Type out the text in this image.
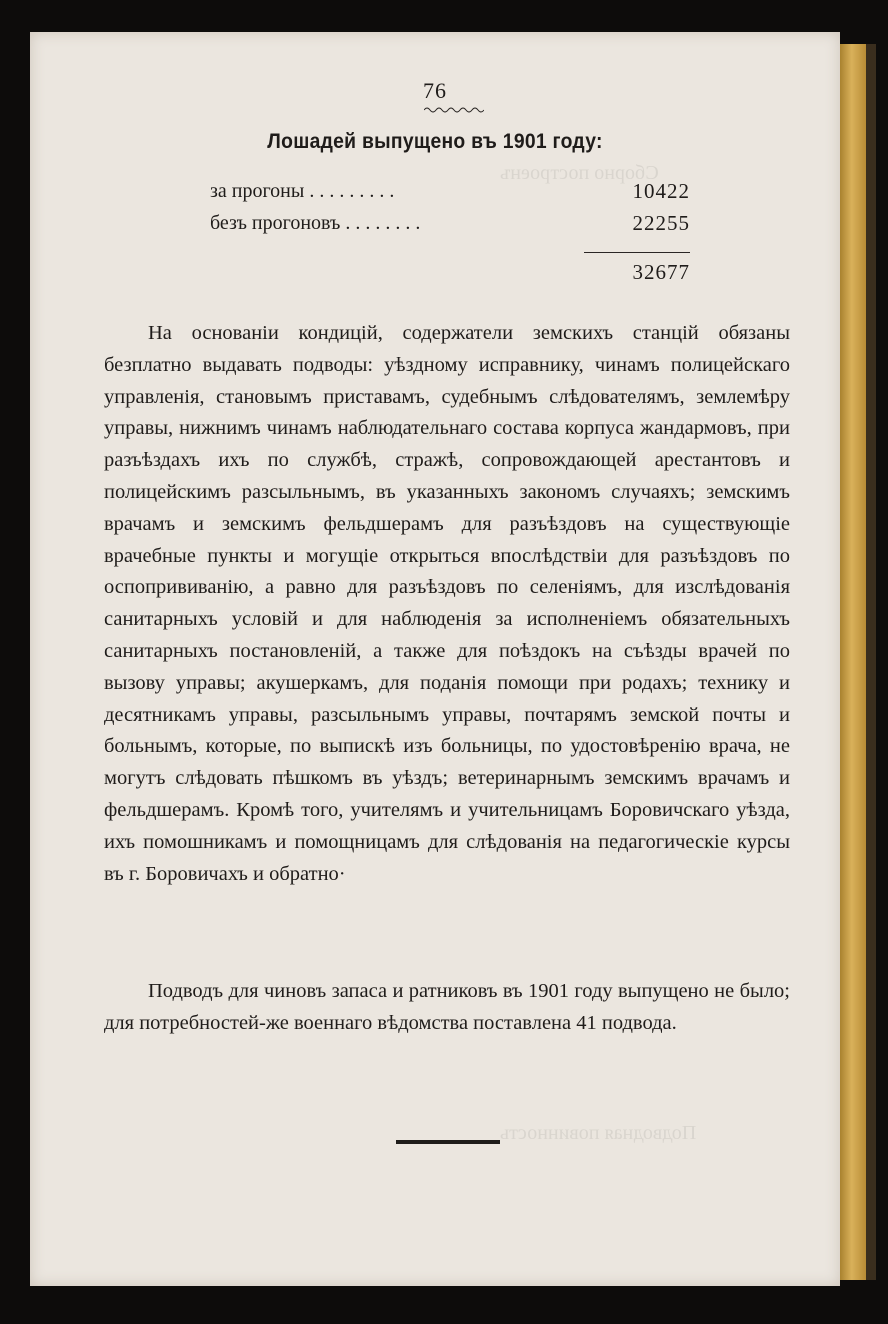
Сборно построенъ
Подводная повинность
76
Лошадей выпущено въ 1901 году:
за прогоны . . . . . . . . .	10422
безъ прогоновъ . . . . . . . .	22255
32677

На основаніи кондицій, содержатели земскихъ станцій обязаны безплатно выдавать подводы: уѣздному исправнику, чинамъ полицейскаго управленія, становымъ приставамъ, судебнымъ слѣдователямъ, землемѣру управы, нижнимъ чинамъ наблюдательнаго состава корпуса жандармовъ, при разъѣздахъ ихъ по службѣ, стражѣ, сопровождающей арестантовъ и полицейскимъ разсыльнымъ, въ указанныхъ закономъ случаяхъ; земскимъ врачамъ и земскимъ фельдшерамъ для разъѣздовъ на существующіе врачебные пункты и могущіе открыться впослѣдствіи для разъѣздовъ по оспопрививанію, а равно для разъѣздовъ по селеніямъ, для изслѣдованія санитарныхъ условій и для наблюденія за исполненіемъ обязательныхъ санитарныхъ постановленій, а также для поѣздокъ на съѣзды врачей по вызову управы; акушеркамъ, для поданія помощи при родахъ; технику и десятникамъ управы, разсыльнымъ управы, почтарямъ земской почты и больнымъ, которые, по выпискѣ изъ больницы, по удостовѣренію врача, не могутъ слѣдовать пѣшкомъ въ уѣздъ; ветеринарнымъ земскимъ врачамъ и фельдшерамъ. Кромѣ того, учителямъ и учительницамъ Боровичскаго уѣзда, ихъ помошникамъ и помощницамъ для слѣдованія на педагогическіе курсы въ г. Боровичахъ и обратно·

Подводъ для чиновъ запаса и ратниковъ въ 1901 году выпущено не было; для потребностей-же военнаго вѣдомства поставлена 41 подвода.
